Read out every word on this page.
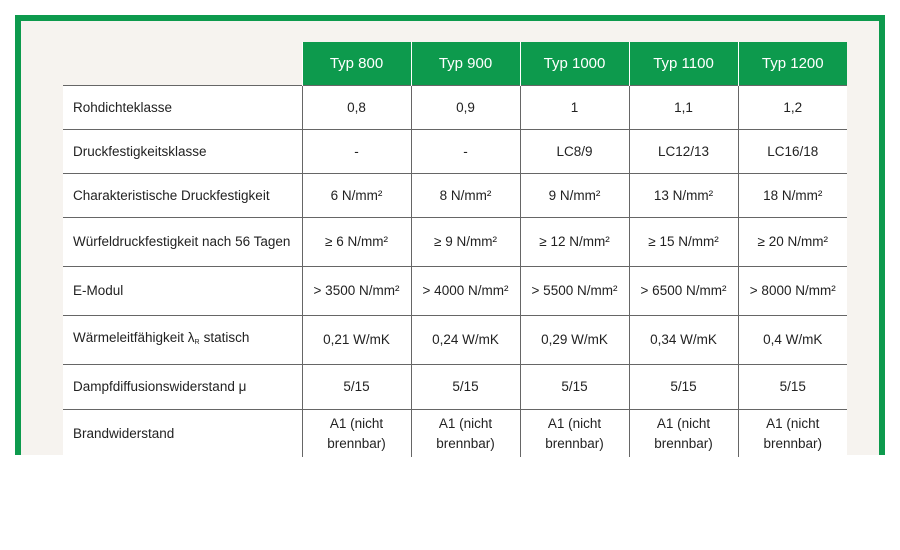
	Typ 800	Typ 900	Typ 1000	Typ 1100	Typ 1200
Rohdichteklasse	0,8	0,9	1	1,1	1,2
Druckfestigkeitsklasse	-	-	LC8/9	LC12/13	LC16/18
Charakteristische Druckfestigkeit	6 N/mm²	8 N/mm²	9 N/mm²	13 N/mm²	18 N/mm²
Würfeldruckfestigkeit nach 56 Tagen	≥ 6 N/mm²	≥ 9 N/mm²	≥ 12 N/mm²	≥ 15 N/mm²	≥ 20 N/mm²
E-Modul	> 3500 N/mm²	> 4000 N/mm²	> 5500 N/mm²	> 6500 N/mm²	> 8000 N/mm²
Wärmeleitfähigkeit $\lambda_R$ statisch	0,21 W/mK	0,24 W/mK	0,29 W/mK	0,34 W/mK	0,4 W/mK
Dampfdiffusionswiderstand μ	5/15	5/15	5/15	5/15	5/15
Brandwiderstand	A1 (nicht brennbar)	A1 (nicht brennbar)	A1 (nicht brennbar)	A1 (nicht brennbar)	A1 (nicht brennbar)
